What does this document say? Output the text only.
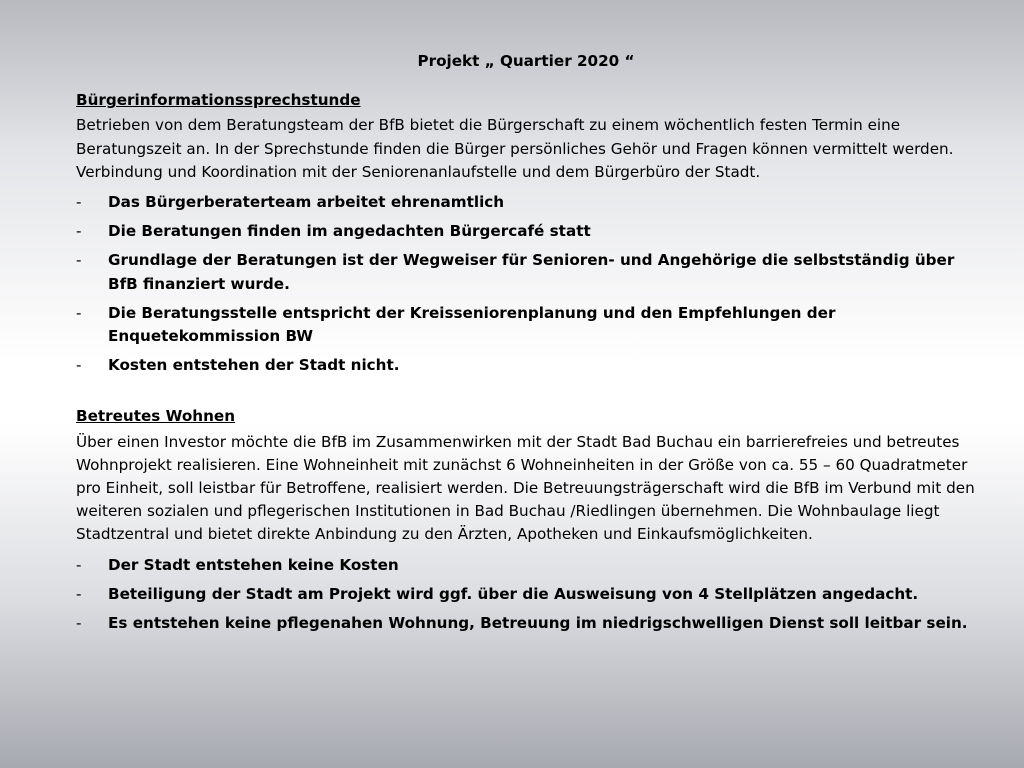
Projekt „ Quartier 2020 “
Bürgerinformationssprechstunde
Betrieben von dem Beratungsteam der BfB bietet die Bürgerschaft zu einem wöchentlich festen Termin eine Beratungszeit an. In der Sprechstunde finden die Bürger persönliches Gehör und Fragen können vermittelt werden. Verbindung und Koordination mit der Seniorenanlaufstelle und dem Bürgerbüro der Stadt.
- Das Bürgerberaterteam arbeitet ehrenamtlich
- Die Beratungen finden im angedachten Bürgercafé statt
- Grundlage der Beratungen ist der Wegweiser für Senioren- und Angehörige die selbstständig über BfB finanziert wurde.
- Die Beratungsstelle entspricht der Kreisseniorenplanung und den Empfehlungen der Enquetekommission BW
- Kosten entstehen der Stadt nicht.
Betreutes Wohnen
Über einen Investor möchte die BfB im Zusammenwirken mit der Stadt Bad Buchau ein barrierefreies und betreutes Wohnprojekt realisieren. Eine Wohneinheit mit zunächst 6 Wohneinheiten in der Größe von ca. 55 – 60 Quadratmeter pro Einheit, soll leistbar für Betroffene, realisiert werden. Die Betreuungsträgerschaft wird die BfB im Verbund mit den weiteren sozialen und pflegerischen Institutionen in Bad Buchau /Riedlingen übernehmen. Die Wohnbaulage liegt Stadtzentral und bietet direkte Anbindung zu den Ärzten, Apotheken und Einkaufsmöglichkeiten.
- Der Stadt entstehen keine Kosten
- Beteiligung der Stadt am Projekt wird ggf. über die Ausweisung von 4 Stellplätzen angedacht.
- Es entstehen keine pflegenahen Wohnung, Betreuung im niedrigschwelligen Dienst soll leitbar sein.
